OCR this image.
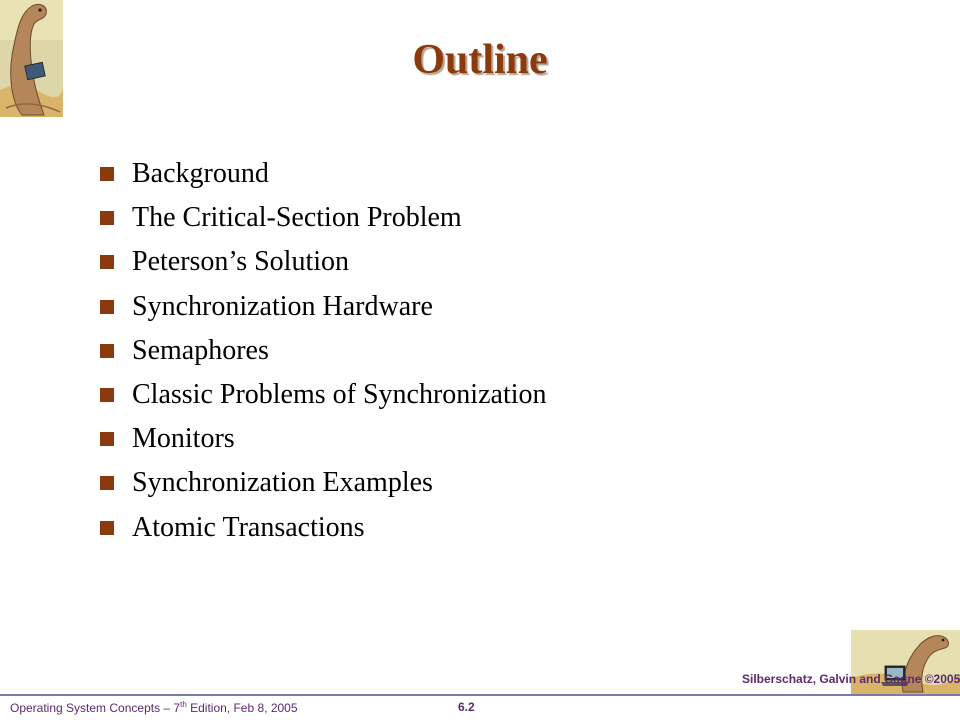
Outline
Background
The Critical-Section Problem
Peterson’s Solution
Synchronization Hardware
Semaphores
Classic Problems of Synchronization
Monitors
Synchronization Examples
Atomic Transactions
Silberschatz, Galvin and Gagne ©2005
Operating System Concepts – 7th Edition, Feb 8, 2005	6.2
